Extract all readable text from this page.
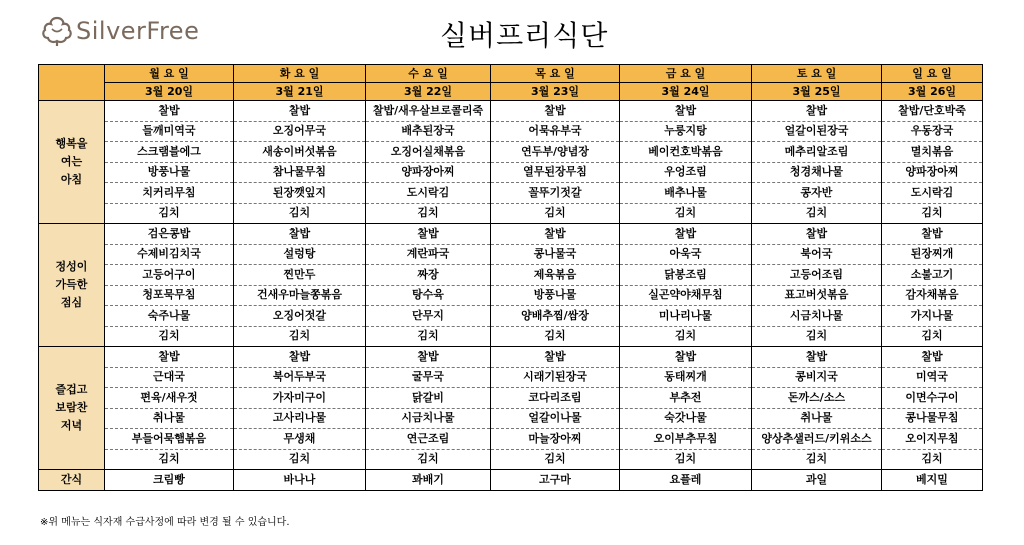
SilverFree	실버프리식단
	월 요 일	화 요 일	수 요 일	목 요 일	금 요 일	토 요 일	일 요 일
	3월 20일	3월 21일	3월 22일	3월 23일	3월 24일	3월 25일	3월 26일

행복을
여는
아침	찰밥	찰밥	찰밥/새우살브로콜리죽	찰밥	찰밥	찰밥	찰밥/단호박죽
	들깨미역국	오징어무국	배추된장국	어묵유부국	누룽지탕	얼갈이된장국	우동장국
	스크램블에그	새송이버섯볶음	오징어실채볶음	연두부/양념장	베이컨호박볶음	메추리알조림	멸치볶음
	방풍나물	참나물무침	양파장아찌	열무된장무침	우엉조림	청경채나물	양파장아찌
	치커리무침	된장깻잎지	도시락김	꼴뚜기젓갈	배추나물	콩자반	도시락김
	김치	김치	김치	김치	김치	김치	김치

정성이
가득한
점심	검은콩밥	찰밥	찰밥	찰밥	찰밥	찰밥	찰밥
	수제비김치국	설렁탕	계란파국	콩나물국	아욱국	북어국	된장찌개
	고등어구이	찐만두	짜장	제육볶음	닭봉조림	고등어조림	소불고기
	청포묵무침	건새우마늘쫑볶음	탕수육	방풍나물	실곤약야채무침	표고버섯볶음	감자채볶음
	숙주나물	오징어젓갈	단무지	양배추찜/쌈장	미나리나물	시금치나물	가지나물
	김치	김치	김치	김치	김치	김치	김치

즐겁고
보람찬
저녁	찰밥	찰밥	찰밥	찰밥	찰밥	찰밥	찰밥
	근대국	북어두부국	굴무국	시래기된장국	동태찌개	콩비지국	미역국
	편육/새우젓	가자미구이	닭갈비	코다리조림	부추전	돈까스/소스	이면수구이
	취나물	고사리나물	시금치나물	얼갈이나물	숙갓나물	취나물	콩나물무침
	부들어묵햄볶음	무생채	연근조림	마늘장아찌	오이부추무침	양상추샐러드/키위소스	오이지무침
	김치	김치	김치	김치	김치	김치	김치
간식	크림빵	바나나	꽈배기	고구마	요플레	과일	베지밀
※위 메뉴는 식자재 수급사정에 따라 변경 될 수 있습니다.
